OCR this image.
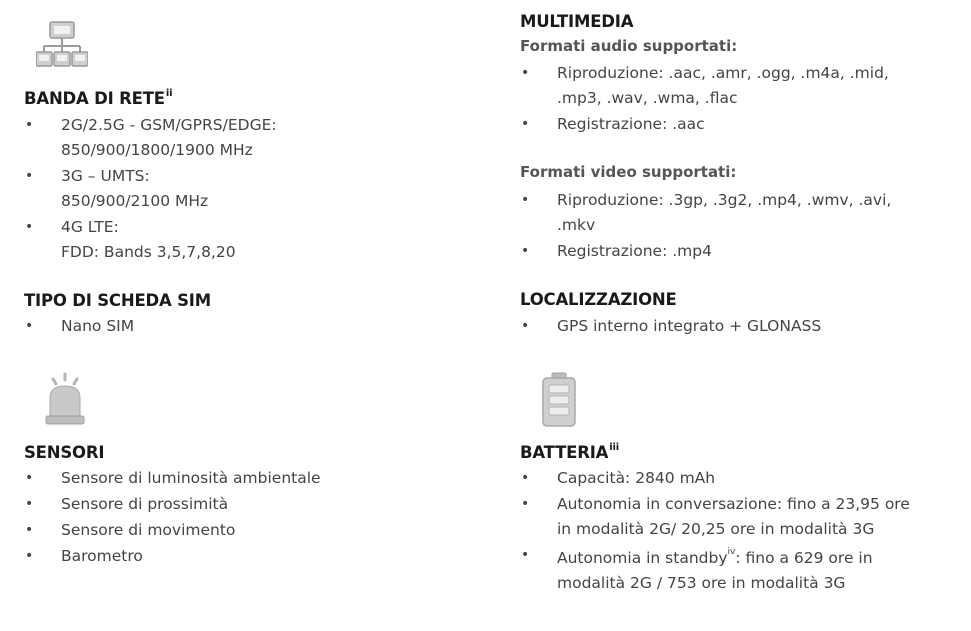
BANDA DI RETE$^{ii}$
• 2G/2.5G - GSM/GPRS/EDGE:
850/900/1800/1900 MHz
• 3G – UMTS:
850/900/2100 MHz
• 4G LTE:
FDD: Bands 3,5,7,8,20
TIPO DI SCHEDA SIM
• Nano SIM
SENSORI
• Sensore di luminosità ambientale
• Sensore di prossimità
• Sensore di movimento
• Barometro
MULTIMEDIA
Formati audio supportati:
• Riproduzione: .aac, .amr, .ogg, .m4a, .mid,
.mp3, .wav, .wma, .flac
• Registrazione: .aac
Formati video supportati:
• Riproduzione: .3gp, .3g2, .mp4, .wmv, .avi,
.mkv
• Registrazione: .mp4
LOCALIZZAZIONE
• GPS interno integrato + GLONASS
BATTERIA$^{iii}$
• Capacità: 2840 mAh
• Autonomia in conversazione: fino a 23,95 ore
in modalità 2G/ 20,25 ore in modalità 3G
• Autonomia in standby$^{iv}$: fino a 629 ore in
modalità 2G / 753 ore in modalità 3G
